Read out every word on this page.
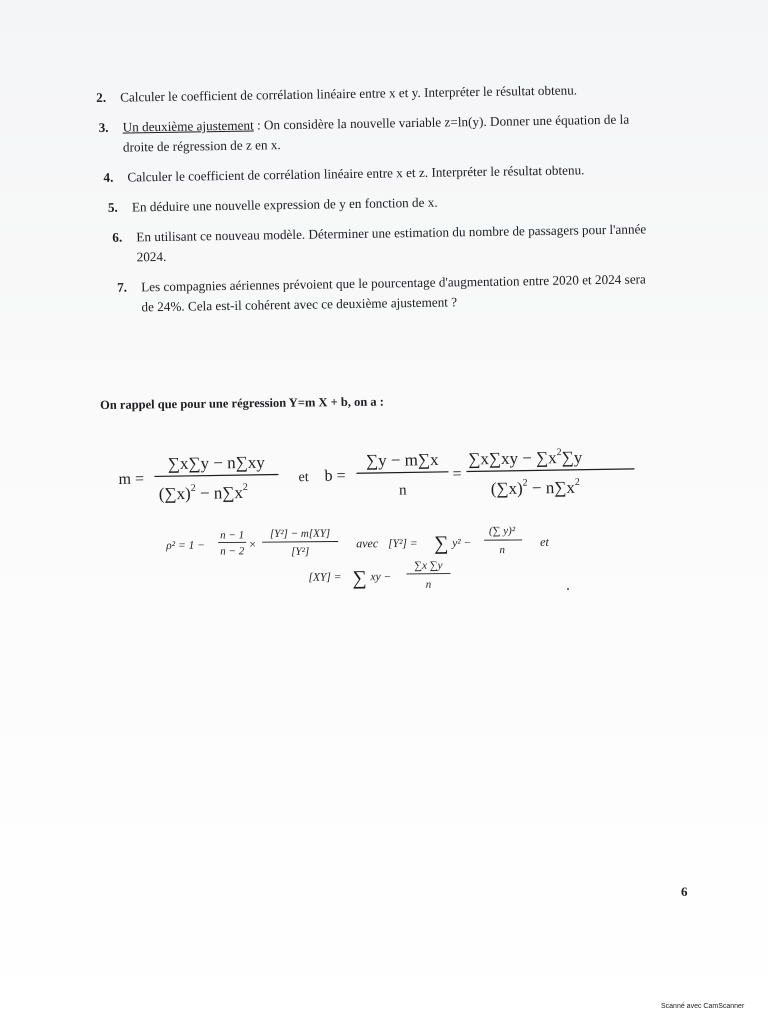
2.	Calculer le coefficient de corrélation linéaire entre x et y. Interpréter le résultat obtenu.
3.	Un deuxième ajustement : On considère la nouvelle variable z=ln(y). Donner une équation de la droite de régression de z en x.
4.	Calculer le coefficient de corrélation linéaire entre x et z. Interpréter le résultat obtenu.
5.	En déduire une nouvelle expression de y en fonction de x.
6.	En utilisant ce nouveau modèle. Déterminer une estimation du nombre de passagers pour l'année 2024.
7.	Les compagnies aériennes prévoient que le pourcentage d'augmentation entre 2020 et 2024 sera de 24%. Cela est-il cohérent avec ce deuxième ajustement ?
On rappel que pour une régression Y=m X + b, on a :
m =
∑x∑y − n∑xy
$(\sum x)^2 - n\sum x^2$
et b =
∑y − m∑x
n
=
$\sum x\sum xy - \sum x^2\sum y$
$(\sum x)^2 - n\sum x^2$
ρ² = 1 −
n − 1
n − 2
×
[Y²] − m[XY]
[Y²]
avec [Y²] = ∑ y² −
(∑ y)²
n
et
[XY] = ∑ xy −
∑x ∑y
n
6
Scanné avec CamScanner
